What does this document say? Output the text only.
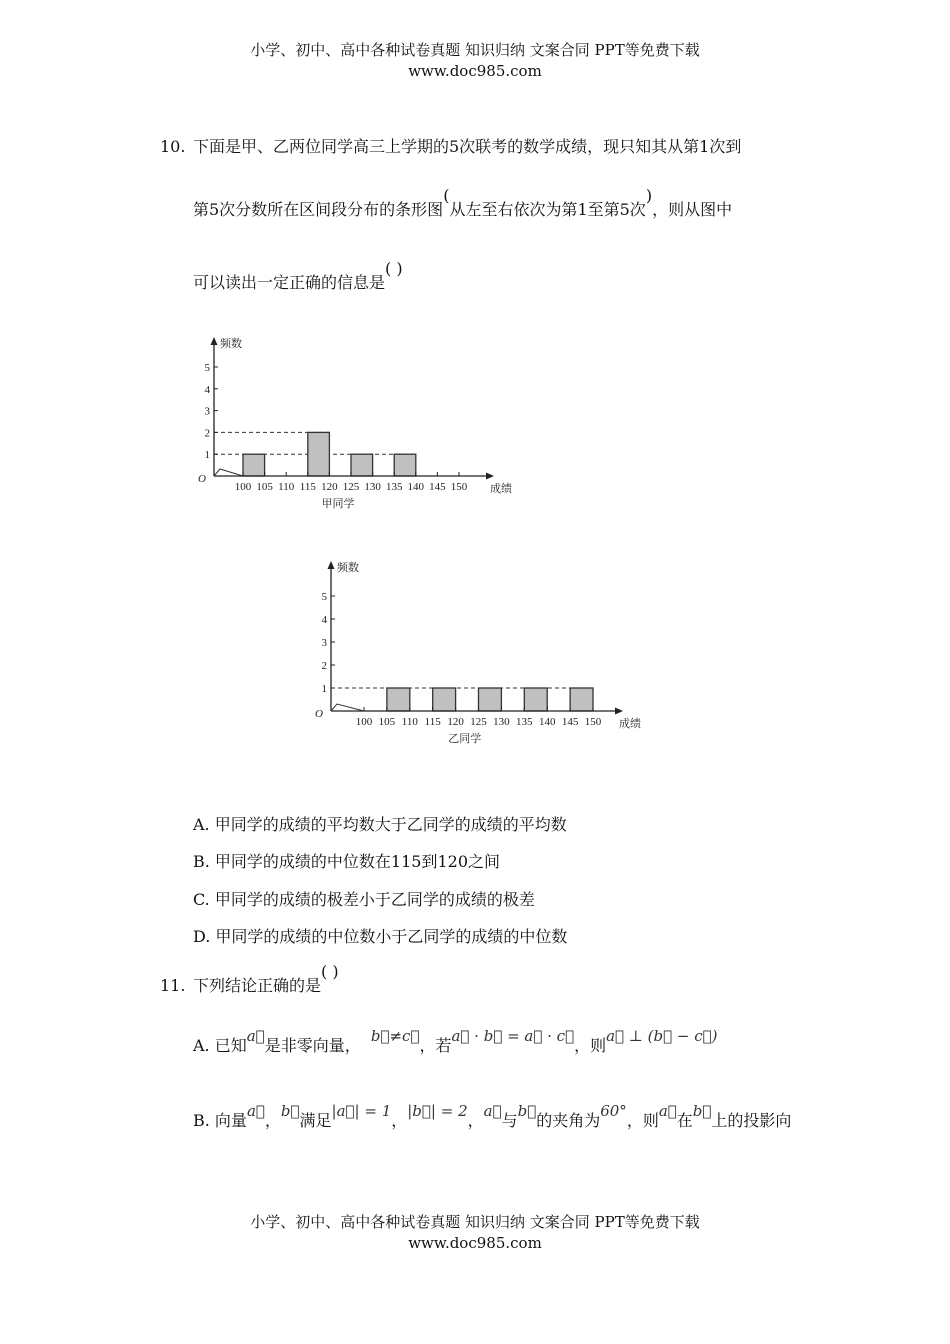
小学、初中、高中各种试卷真题 知识归纳 文案合同 PPT等免费下载
www.doc985.com
10. 下面是甲、乙两位同学高三上学期的5次联考的数学成绩，现只知其从第1次到
第5次分数所在区间段分布的条形图(从左至右依次为第1至第5次)，则从图中
可以读出一定正确的信息是( )
100 105 110 115 120 125 130 135 140 145 150
1
2
3
4
5
O
频数
成绩
甲同学
100 105 110 115 120 125 130 135 140 145 150
1
2
3
4
5
O
频数
成绩
乙同学
A. 甲同学的成绩的平均数大于乙同学的成绩的平均数
B. 甲同学的成绩的中位数在115到120之间
C. 甲同学的成绩的极差小于乙同学的成绩的极差
D. 甲同学的成绩的中位数小于乙同学的成绩的中位数
11. 下列结论正确的是( )
A. 已知a⃗是非零向量， b⃗≠c⃗，若a⃗ · b⃗ = a⃗ · c⃗，则a⃗ ⊥ (b⃗ − c⃗)
B. 向量a⃗，b⃗满足|a⃗| = 1，|b⃗| = 2，a⃗与b⃗的夹角为60°，则a⃗在b⃗上的投影向
小学、初中、高中各种试卷真题 知识归纳 文案合同 PPT等免费下载
www.doc985.com
